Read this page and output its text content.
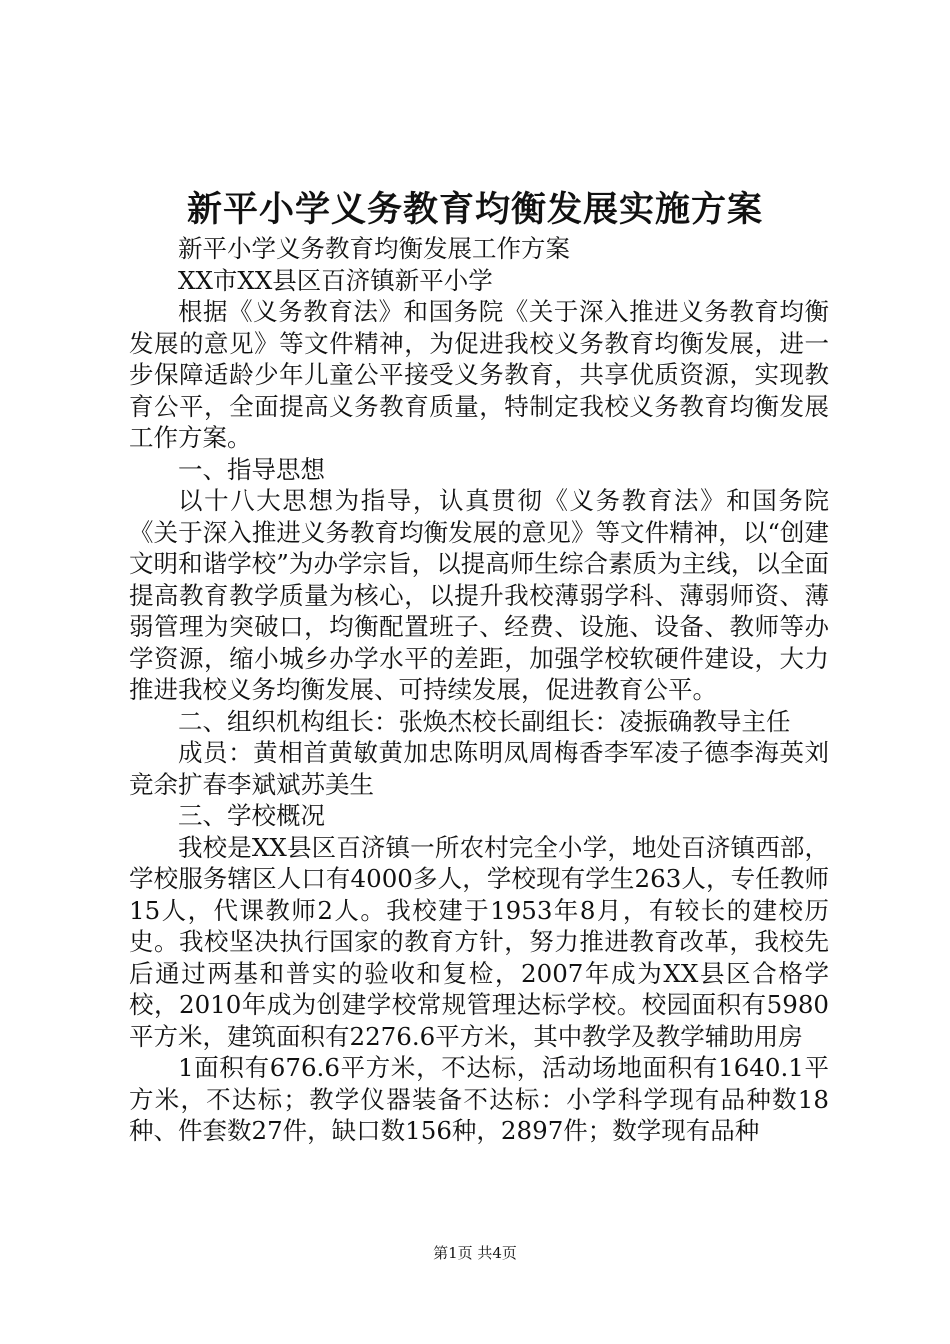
新平小学义务教育均衡发展实施方案

新平小学义务教育均衡发展工作方案

XX市XX县区百济镇新平小学

根据《义务教育法》和国务院《关于深入推进义务教育均衡发展的意见》等文件精神，为促进我校义务教育均衡发展，进一步保障适龄少年儿童公平接受义务教育，共享优质资源，实现教育公平，全面提高义务教育质量，特制定我校义务教育均衡发展工作方案。

一、指导思想

以十八大思想为指导，认真贯彻《义务教育法》和国务院《关于深入推进义务教育均衡发展的意见》等文件精神，以“创建文明和谐学校”为办学宗旨，以提高师生综合素质为主线，以全面提高教育教学质量为核心，以提升我校薄弱学科、薄弱师资、薄弱管理为突破口，均衡配置班子、经费、设施、设备、教师等办学资源，缩小城乡办学水平的差距，加强学校软硬件建设，大力推进我校义务均衡发展、可持续发展，促进教育公平。

二、组织机构组长：张焕杰校长副组长：凌振确教导主任

成员：黄相首黄敏黄加忠陈明凤周梅香李军凌子德李海英刘竞余扩春李斌斌苏美生

三、学校概况

我校是XX县区百济镇一所农村完全小学，地处百济镇西部，学校服务辖区人口有4000多人，学校现有学生263人，专任教师15人，代课教师2人。我校建于1953年8月，有较长的建校历史。我校坚决执行国家的教育方针，努力推进教育改革，我校先后通过两基和普实的验收和复检，2007年成为XX县区合格学校，2010年成为创建学校常规管理达标学校。校园面积有5980平方米，建筑面积有2276.6平方米，其中教学及教学辅助用房

1面积有676.6平方米，不达标，活动场地面积有1640.1平方米，不达标；教学仪器装备不达标：小学科学现有品种数18种、件套数27件，缺口数156种，2897件；数学现有品种

第1页 共4页
